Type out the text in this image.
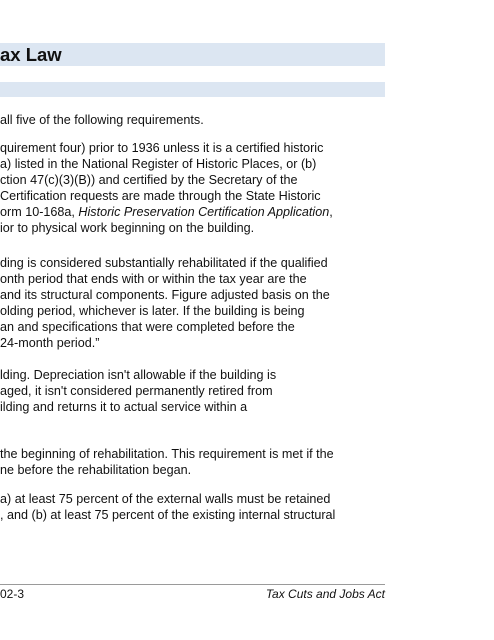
ax Law

all five of the following requirements.

quirement four) prior to 1936 unless it is a certified historic
a) listed in the National Register of Historic Places, or (b)
ction 47(c)(3)(B)) and certified by the Secretary of the
Certification requests are made through the State Historic
orm 10-168a, Historic Preservation Certification Application,
ior to physical work beginning on the building.

ding is considered substantially rehabilitated if the qualified
onth period that ends with or within the tax year are the
and its structural components. Figure adjusted basis on the
olding period, whichever is later. If the building is being
an and specifications that were completed before the
24-month period.”

lding. Depreciation isn't allowable if the building is
aged, it isn't considered permanently retired from
ilding and returns it to actual service within a

the beginning of rehabilitation. This requirement is met if the
ne before the rehabilitation began.

a) at least 75 percent of the external walls must be retained
, and (b) at least 75 percent of the existing internal structural

02-3	Tax Cuts and Jobs Act
